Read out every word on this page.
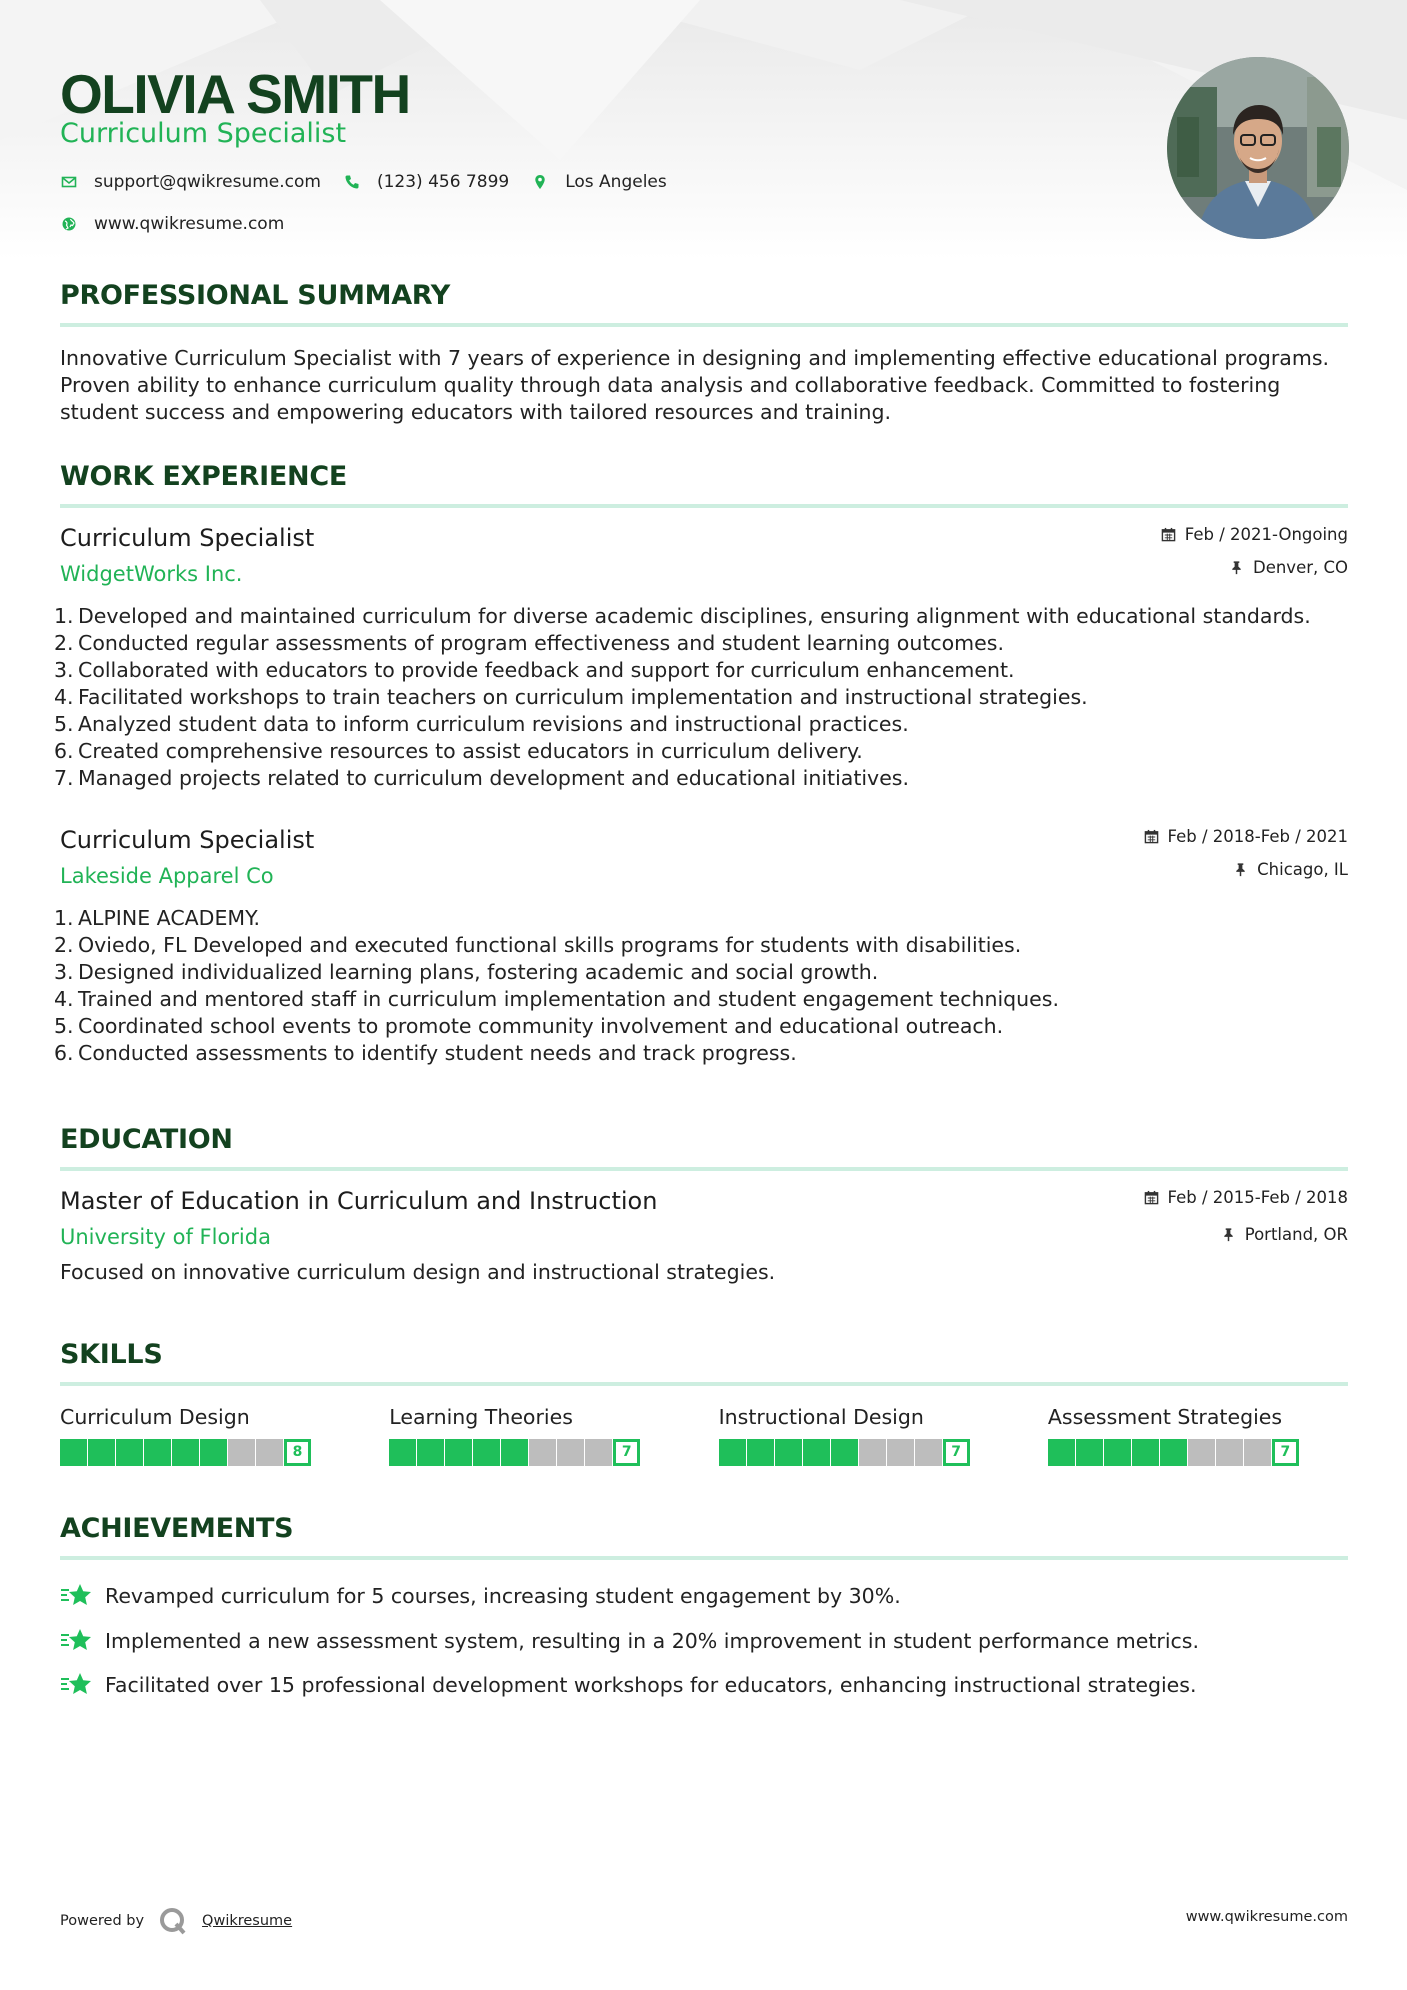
OLIVIA SMITH
Curriculum Specialist
support@qwikresume.com	(123) 456 7899	Los Angeles
www.qwikresume.com
PROFESSIONAL SUMMARY
Innovative Curriculum Specialist with 7 years of experience in designing and implementing effective educational programs. Proven ability to enhance curriculum quality through data analysis and collaborative feedback. Committed to fostering student success and empowering educators with tailored resources and training.
WORK EXPERIENCE
Curriculum Specialist
WidgetWorks Inc.
Feb / 2021-Ongoing
Denver, CO
1. Developed and maintained curriculum for diverse academic disciplines, ensuring alignment with educational standards.
2. Conducted regular assessments of program effectiveness and student learning outcomes.
3. Collaborated with educators to provide feedback and support for curriculum enhancement.
4. Facilitated workshops to train teachers on curriculum implementation and instructional strategies.
5. Analyzed student data to inform curriculum revisions and instructional practices.
6. Created comprehensive resources to assist educators in curriculum delivery.
7. Managed projects related to curriculum development and educational initiatives.
Curriculum Specialist
Lakeside Apparel Co
Feb / 2018-Feb / 2021
Chicago, IL
1. ALPINE ACADEMY.
2. Oviedo, FL Developed and executed functional skills programs for students with disabilities.
3. Designed individualized learning plans, fostering academic and social growth.
4. Trained and mentored staff in curriculum implementation and student engagement techniques.
5. Coordinated school events to promote community involvement and educational outreach.
6. Conducted assessments to identify student needs and track progress.
EDUCATION
Master of Education in Curriculum and Instruction
University of Florida
Feb / 2015-Feb / 2018
Portland, OR
Focused on innovative curriculum design and instructional strategies.
SKILLS
Curriculum Design
8
Learning Theories
7
Instructional Design
7
Assessment Strategies
7
ACHIEVEMENTS
Revamped curriculum for 5 courses, increasing student engagement by 30%.
Implemented a new assessment system, resulting in a 20% improvement in student performance metrics.
Facilitated over 15 professional development workshops for educators, enhancing instructional strategies.
Powered by	Qwikresume	www.qwikresume.com
